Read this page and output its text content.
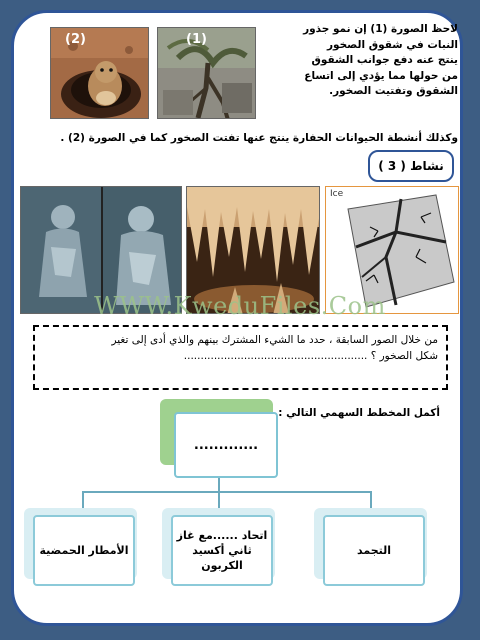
لاحظ الصورة (1) إن نمو جذور
النبات في شقوق الصخور
ينتج عنه دفع جوانب الشقوق
من حولها مما يؤدي إلى اتساع
الشقوق وتفتيت الصخور.
وكذلك أنشطة الحيوانات الحفارة ينتج عنها تفتت الصخور كما في الصورة (2) .
(2)	(1)
نشاط ( 3 )
Ice
WWW.KweduFiles.Com
من خلال الصور السابقة ، حدد ما الشيء المشترك بينهم والذي أدى إلى تغير
شكل الصخور ؟ .......................................................
أكمل المخطط السهمي التالي :
.............
الأمطار الحمضية
اتحاد ......مع غاز ثاني أكسيد الكربون
التجمد
